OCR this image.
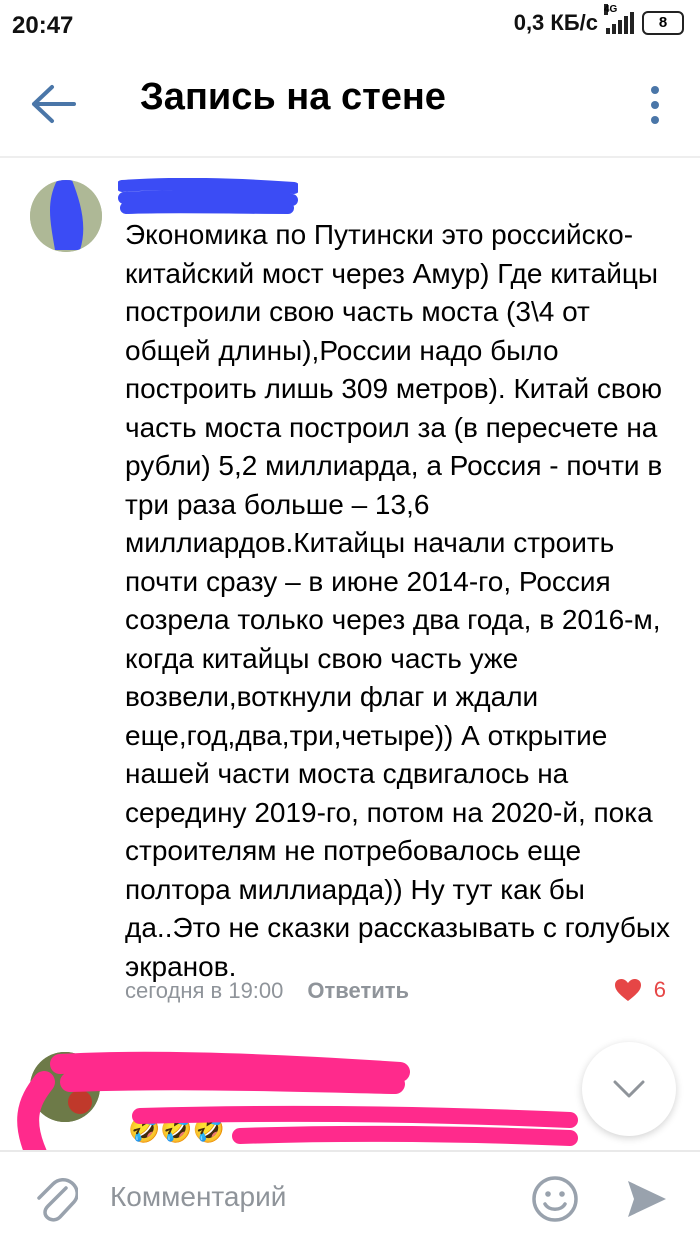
20:47	0,3 КБ/с
4G
8
Запись на стене

Экономика по Путински это российско-китайский мост через Амур) Где китайцы построили свою часть моста (3\4 от общей длины),России надо было построить лишь 309 метров). Китай свою часть моста построил за (в пересчете на рубли) 5,2 миллиарда, а Россия - почти в три раза больше – 13,6 миллиардов.Китайцы начали строить почти сразу – в июне 2014-го, Россия созрела только через два года, в 2016-м, когда китайцы свою часть уже возвели,воткнули флаг и ждали еще,год,два,три,четыре)) А открытие нашей части моста сдвигалось на середину 2019-го, потом на 2020-й, пока строителям не потребовалось еще полтора миллиарда)) Ну тут как бы да..Это не сказки рассказывать с голубых экранов.

сегодня в 19:00 Ответить	6
🤣🤣🤣
Комментарий
